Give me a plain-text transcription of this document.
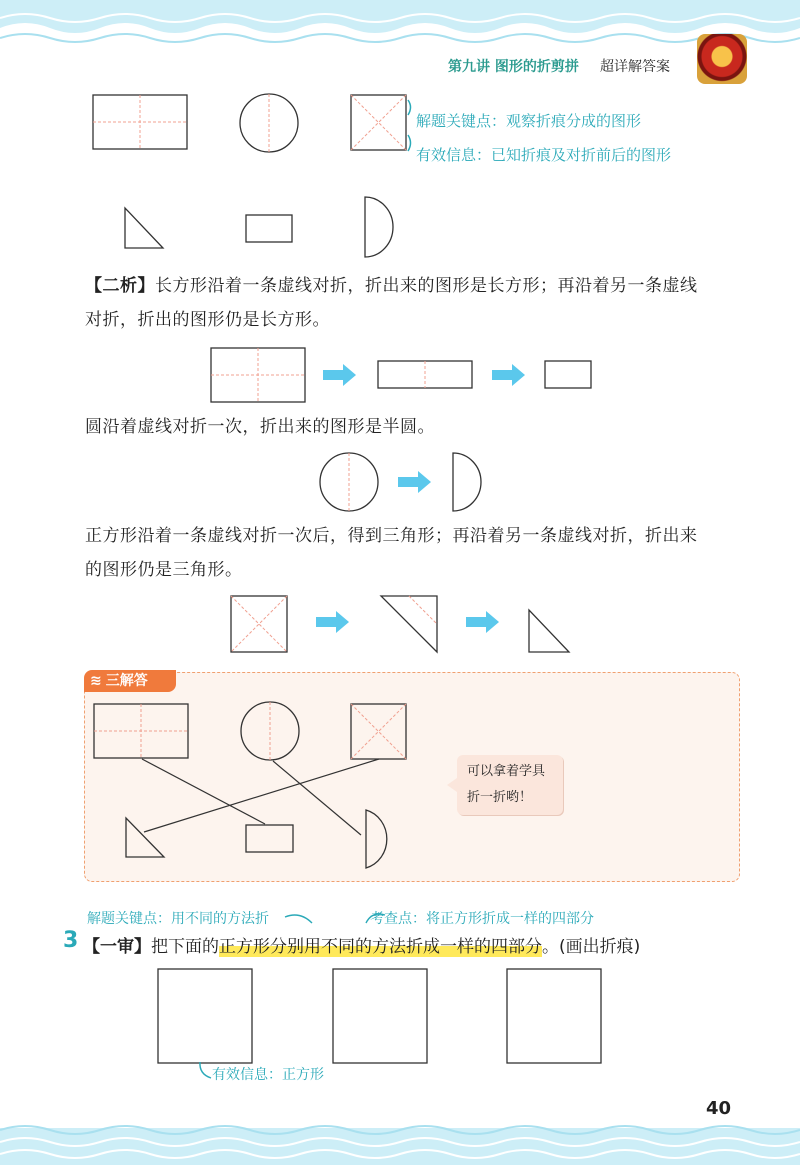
第九讲 图形的折剪拼 超详解答案
解题关键点：观察折痕分成的图形
有效信息：已知折痕及对折前后的图形
【二析】长方形沿着一条虚线对折，折出来的图形是长方形；再沿着另一条虚线
对折，折出的图形仍是长方形。
圆沿着虚线对折一次，折出来的图形是半圆。
正方形沿着一条虚线对折一次后，得到三角形；再沿着另一条虚线对折，折出来
的图形仍是三角形。
≋ 三解答
可以拿着学具
折一折哟！
解题关键点：用不同的方法折	考查点：将正方形折成一样的四部分
3 【一审】把下面的正方形分别用不同的方法折成一样的四部分。(画出折痕)
有效信息：正方形
40
